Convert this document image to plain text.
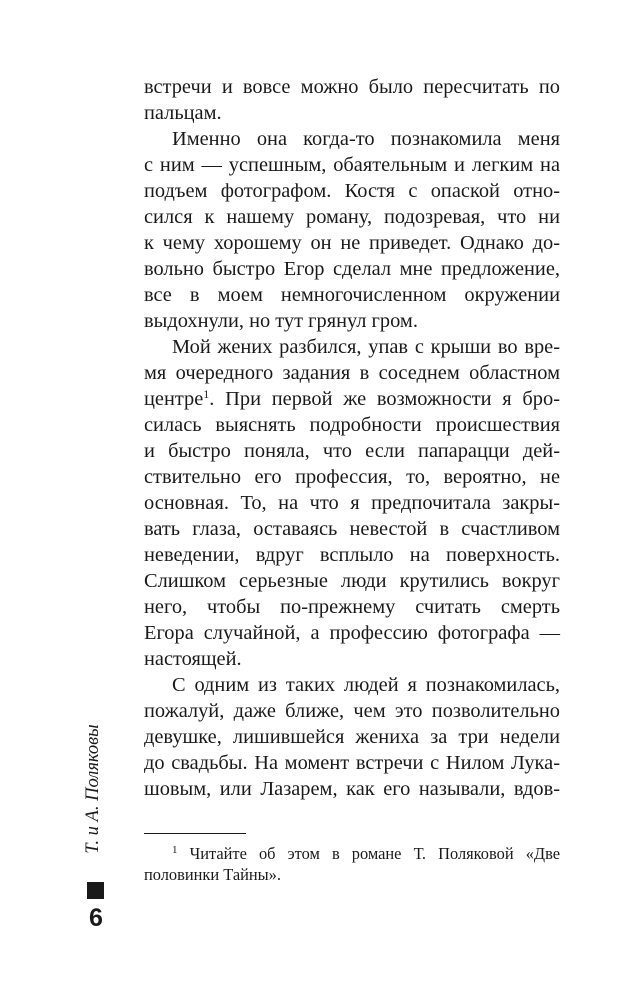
встречи и вовсе можно было пересчитать по
пальцам.
Именно она когда-то познакомила меня
с ним — успешным, обаятельным и легким на
подъем фотографом. Костя с опаской отно-
сился к нашему роману, подозревая, что ни
к чему хорошему он не приведет. Однако до-
вольно быстро Егор сделал мне предложение,
все в моем немногочисленном окружении
выдохнули, но тут грянул гром.
Мой жених разбился, упав с крыши во вре-
мя очередного задания в соседнем областном
центре$^1$. При первой же возможности я бро-
силась выяснять подробности происшествия
и быстро поняла, что если папарацци дей-
ствительно его профессия, то, вероятно, не
основная. То, на что я предпочитала закры-
вать глаза, оставаясь невестой в счастливом
неведении, вдруг всплыло на поверхность.
Слишком серьезные люди крутились вокруг
него, чтобы по-прежнему считать смерть
Егора случайной, а профессию фотографа —
настоящей.
С одним из таких людей я познакомилась,
пожалуй, даже ближе, чем это позволительно
девушке, лишившейся жениха за три недели
до свадьбы. На момент встречи с Нилом Лука-
шовым, или Лазарем, как его называли, вдов-
$^1$ Читайте об этом в романе Т. Поляковой «Две
половинки Тайны».
Т. и А. Поляковы
6
